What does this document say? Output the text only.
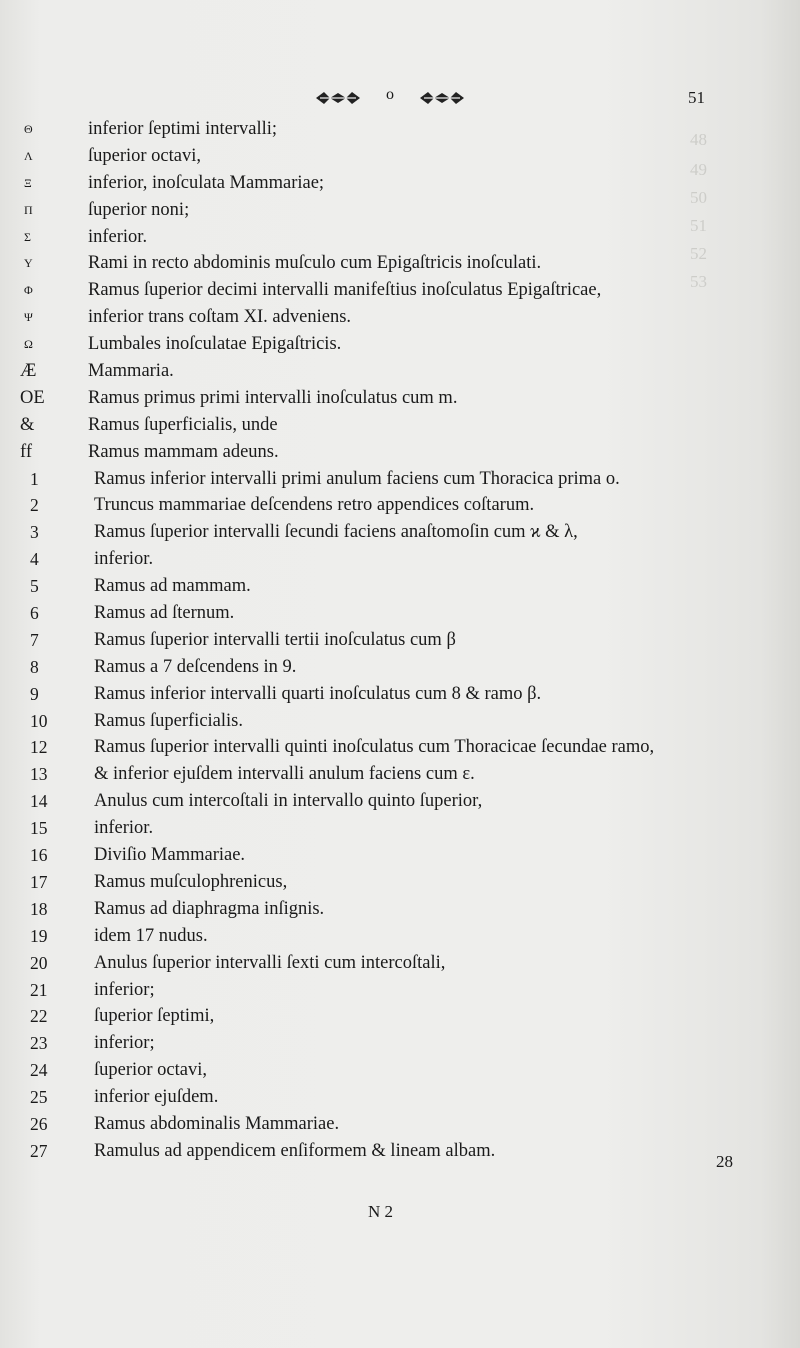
48
49
50
51
52
53
o	51
Θ	inferior ſeptimi intervalli;
Λ	ſuperior octavi,
Ξ	inferior, inoſculata Mammariae;
Π	ſuperior noni;
Σ	inferior.
Υ	Rami in recto abdominis muſculo cum Epigaſtricis inoſculati.
Φ	Ramus ſuperior decimi intervalli manifeſtius inoſculatus Epigaſtricae,
Ψ	inferior trans coſtam XI. adveniens.
Ω	Lumbales inoſculatae Epigaſtricis.
Æ	Mammaria.
OE	Ramus primus primi intervalli inoſculatus cum m.
&	Ramus ſuperficialis, unde
ff	Ramus mammam adeuns.
1	Ramus inferior intervalli primi anulum faciens cum Thoracica prima o.
2	Truncus mammariae deſcendens retro appendices coſtarum.
3	Ramus ſuperior intervalli ſecundi faciens anaſtomoſin cum ϰ & λ,
4	inferior.
5	Ramus ad mammam.
6	Ramus ad ſternum.
7	Ramus ſuperior intervalli tertii inoſculatus cum β
8	Ramus a 7 deſcendens in 9.
9	Ramus inferior intervalli quarti inoſculatus cum 8 & ramo β.
10	Ramus ſuperficialis.
12	Ramus ſuperior intervalli quinti inoſculatus cum Thoracicae ſecundae ramo,
13	& inferior ejuſdem intervalli anulum faciens cum ε.
14	Anulus cum intercoſtali in intervallo quinto ſuperior,
15	inferior.
16	Diviſio Mammariae.
17	Ramus muſculophrenicus,
18	Ramus ad diaphragma inſignis.
19	idem 17 nudus.
20	Anulus ſuperior intervalli ſexti cum intercoſtali,
21	inferior;
22	ſuperior ſeptimi,
23	inferior;
24	ſuperior octavi,
25	inferior ejuſdem.
26	Ramus abdominalis Mammariae.
27	Ramulus ad appendicem enſiformem & lineam albam.
28
N 2
